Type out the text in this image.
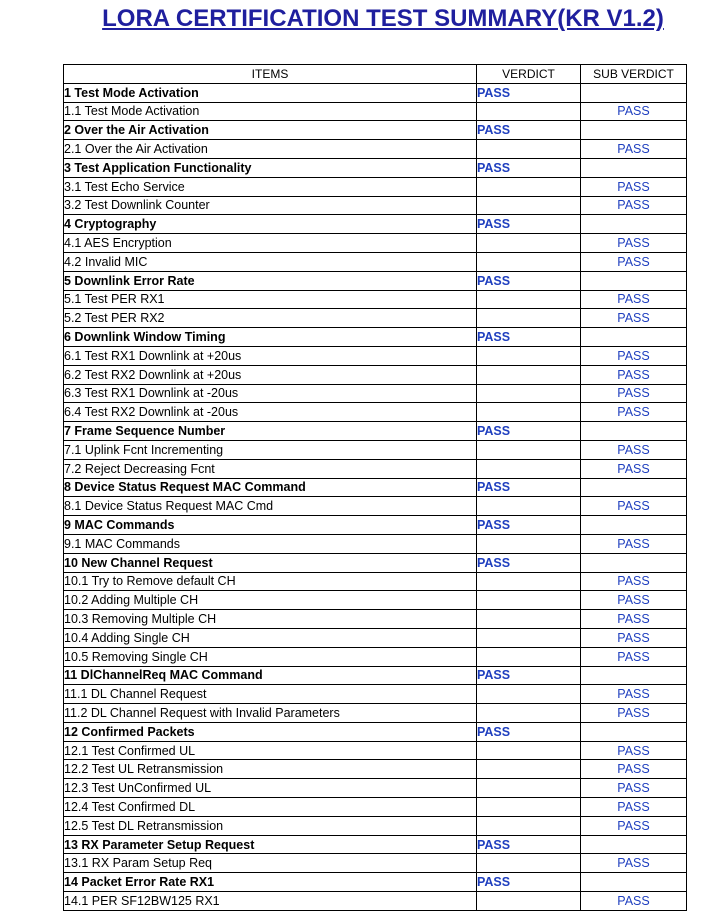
LORA CERTIFICATION TEST SUMMARY(KR V1.2)
ITEMS	VERDICT	SUB VERDICT
1 Test Mode Activation	PASS	
1.1 Test Mode Activation		PASS
2 Over the Air Activation	PASS	
2.1 Over the Air Activation		PASS
3 Test Application Functionality	PASS	
3.1 Test Echo Service		PASS
3.2 Test Downlink Counter		PASS
4 Cryptography	PASS	
4.1 AES Encryption		PASS
4.2 Invalid MIC		PASS
5 Downlink Error Rate	PASS	
5.1 Test PER RX1		PASS
5.2 Test PER RX2		PASS
6 Downlink Window Timing	PASS	
6.1 Test RX1 Downlink at +20us		PASS
6.2 Test RX2 Downlink at +20us		PASS
6.3 Test RX1 Downlink at -20us		PASS
6.4 Test RX2 Downlink at -20us		PASS
7 Frame Sequence Number	PASS	
7.1 Uplink Fcnt Incrementing		PASS
7.2 Reject Decreasing Fcnt		PASS
8 Device Status Request MAC Command	PASS	
8.1 Device Status Request MAC Cmd		PASS
9 MAC Commands	PASS	
9.1 MAC Commands		PASS
10 New Channel Request	PASS	
10.1 Try to Remove default CH		PASS
10.2 Adding Multiple CH		PASS
10.3 Removing Multiple CH		PASS
10.4 Adding Single CH		PASS
10.5 Removing Single CH		PASS
11 DlChannelReq MAC Command	PASS	
11.1 DL Channel Request		PASS
11.2 DL Channel Request with Invalid Parameters		PASS
12 Confirmed Packets	PASS	
12.1 Test Confirmed UL		PASS
12.2 Test UL Retransmission		PASS
12.3 Test UnConfirmed UL		PASS
12.4 Test Confirmed DL		PASS
12.5 Test DL Retransmission		PASS
13 RX Parameter Setup Request	PASS	
13.1 RX Param Setup Req		PASS
14 Packet Error Rate RX1	PASS	
14.1 PER SF12BW125 RX1		PASS
